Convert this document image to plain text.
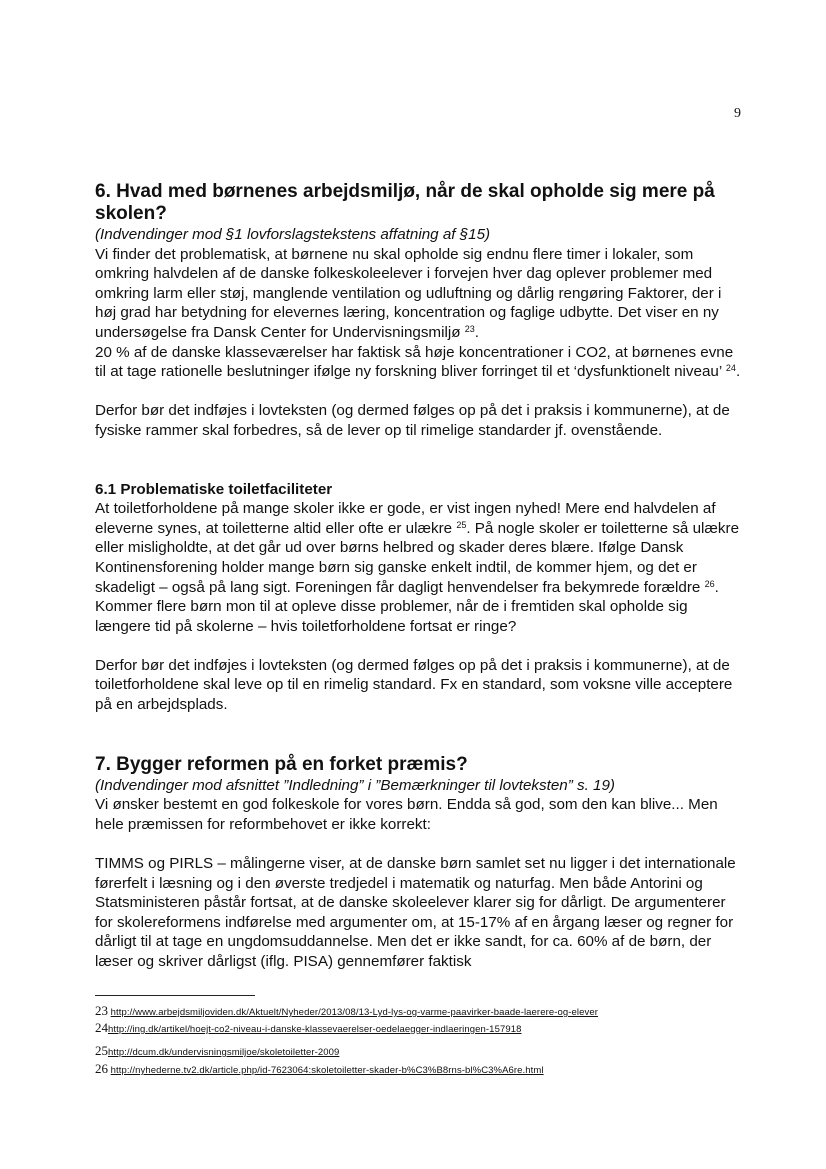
9
6. Hvad med børnenes arbejdsmiljø, når de skal opholde sig mere på skolen?

(Indvendinger mod §1 lovforslagstekstens affatning af §15)

Vi finder det problematisk, at børnene nu skal opholde sig endnu flere timer i lokaler, som omkring halvdelen af de danske folkeskoleelever i forvejen hver dag oplever problemer med omkring larm eller støj, manglende ventilation og udluftning og dårlig rengøring Faktorer, der i høj grad har betydning for elevernes læring, koncentration og faglige udbytte. Det viser en ny undersøgelse fra Dansk Center for Undervisningsmiljø $^{23}$.

20 % af de danske klasseværelser har faktisk så høje koncentrationer i CO2, at børnenes evne til at tage rationelle beslutninger ifølge ny forskning bliver forringet til et ‘dysfunktionelt niveau’ $^{24}$.

Derfor bør det indføjes i lovteksten (og dermed følges op på det i praksis i kommunerne), at de fysiske rammer skal forbedres, så de lever op til rimelige standarder jf. ovenstående.

6.1 Problematiske toiletfaciliteter

At toiletforholdene på mange skoler ikke er gode, er vist ingen nyhed! Mere end halvdelen af eleverne synes, at toiletterne altid eller ofte er ulækre $^{25}$. På nogle skoler er toiletterne så ulækre eller misligholdte, at det går ud over børns helbred og skader deres blære. Ifølge Dansk Kontinensforening holder mange børn sig ganske enkelt indtil, de kommer hjem, og det er skadeligt – også på lang sigt. Foreningen får dagligt henvendelser fra bekymrede forældre $^{26}$.

Kommer flere børn mon til at opleve disse problemer, når de i fremtiden skal opholde sig længere tid på skolerne – hvis toiletforholdene fortsat er ringe?

Derfor bør det indføjes i lovteksten (og dermed følges op på det i praksis i kommunerne), at de toiletforholdene skal leve op til en rimelig standard. Fx en standard, som voksne ville acceptere på en arbejdsplads.

7. Bygger reformen på en forket præmis?

(Indvendinger mod afsnittet ”Indledning” i ”Bemærkninger til lovteksten” s. 19)

Vi ønsker bestemt en god folkeskole for vores børn. Endda så god, som den kan blive... Men hele præmissen for reformbehovet er ikke korrekt:

TIMMS og PIRLS – målingerne viser, at de danske børn samlet set nu ligger i det internationale førerfelt i læsning og i den øverste tredjedel i matematik og naturfag. Men både Antorini og Statsministeren påstår fortsat, at de danske skoleelever klarer sig for dårligt. De argumenterer for skolereformens indførelse med argumenter om, at 15-17% af en årgang læser og regner for dårligt til at tage en ungdomsuddannelse. Men det er ikke sandt, for ca. 60% af de børn, der læser og skriver dårligst (iflg. PISA) gennemfører faktisk

23 http://www.arbejdsmiljoviden.dk/Aktuelt/Nyheder/2013/08/13-Lyd-lys-og-varme-paavirker-baade-laerere-og-elever
24http://ing.dk/artikel/hoejt-co2-niveau-i-danske-klassevaerelser-oedelaegger-indlaeringen-157918
25http://dcum.dk/undervisningsmiljoe/skoletoiletter-2009
26 http://nyhederne.tv2.dk/article.php/id-7623064:skoletoiletter-skader-b%C3%B8rns-bl%C3%A6re.html
